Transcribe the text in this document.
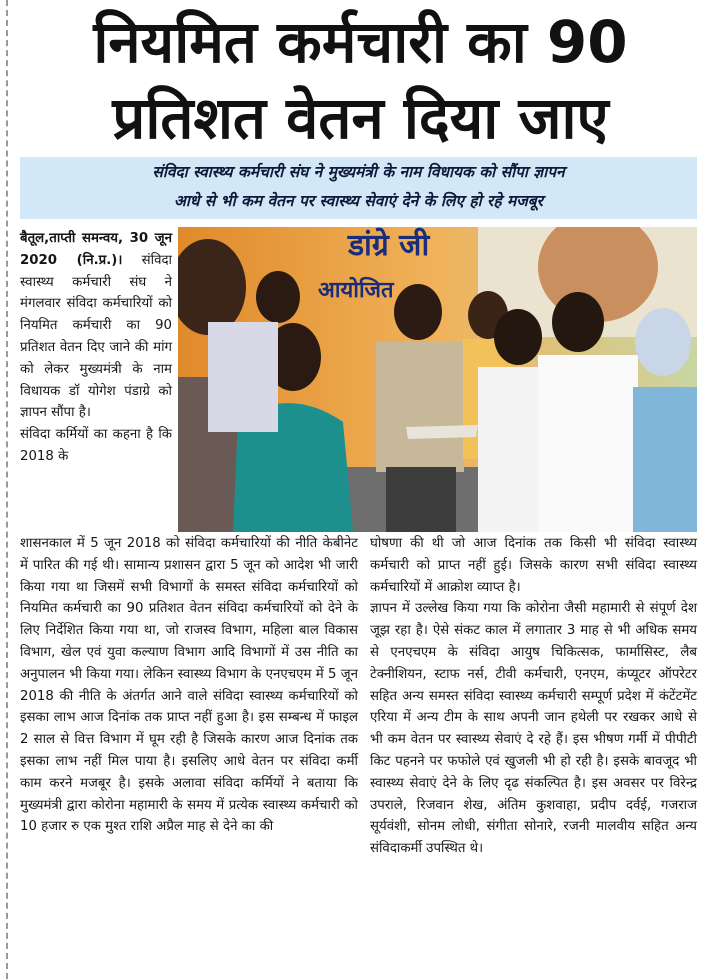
नियमित कर्मचारी का 90
प्रतिशत वेतन दिया जाए
संविदा स्वास्थ्य कर्मचारी संघ ने मुख्यमंत्री के नाम विधायक को सौंपा ज्ञापन
आधे से भी कम वेतन पर स्वास्थ्य सेवाएं देने के लिए हो रहे मजबूर
डांग्रे जी
आयोजित

बैतूल,ताप्ती समन्वय, 30 जून 2020 (नि.प्र.)। संविदा स्वास्थ्य कर्मचारी संघ ने मंगलवार संविदा कर्मचारियों को नियमित कर्मचारी का 90 प्रतिशत वेतन दिए जाने की मांग को लेकर मुख्यमंत्री के नाम विधायक डॉ योगेश पंडाग्रे को ज्ञापन सौंपा है।

संविदा कर्मियों का कहना है कि 2018 के

शासनकाल में 5 जून 2018 को संविदा कर्मचारियों की नीति केबीनेट में पारित की गई थी। सामान्य प्रशासन द्वारा 5 जून को आदेश भी जारी किया गया था जिसमें सभी विभागों के समस्त संविदा कर्मचारियों को नियमित कर्मचारी का 90 प्रतिशत वेतन संविदा कर्मचारियों को देने के लिए निर्देशित किया गया था, जो राजस्व विभाग, महिला बाल विकास विभाग, खेल एवं युवा कल्याण विभाग आदि विभागों में उस नीति का अनुपालन भी किया गया। लेकिन स्वास्थ्य विभाग के एनएचएम में 5 जून 2018 की नीति के अंतर्गत आने वाले संविदा स्वास्थ्य कर्मचारियों को इसका लाभ आज दिनांक तक प्राप्त नहीं हुआ है। इस सम्बन्ध में फाइल 2 साल से वित्त विभाग में घूम रही है जिसके कारण आज दिनांक तक इसका लाभ नहीं मिल पाया है। इसलिए आधे वेतन पर संविदा कर्मी काम करने मजबूर है। इसके अलावा संविदा कर्मियों ने बताया कि मुख्यमंत्री द्वारा कोरोना महामारी के समय में प्रत्येक स्वास्थ्य कर्मचारी को 10 हजार रु एक मुश्त राशि अप्रैल माह से देने का की

घोषणा की थी जो आज दिनांक तक किसी भी संविदा स्वास्थ्य कर्मचारी को प्राप्त नहीं हुई। जिसके कारण सभी संविदा स्वास्थ्य कर्मचारियों में आक्रोश व्याप्त है।

ज्ञापन में उल्लेख किया गया कि कोरोना जैसी महामारी से संपूर्ण देश जूझ रहा है। ऐसे संकट काल में लगातार 3 माह से भी अधिक समय से एनएचएम के संविदा आयुष चिकित्सक, फार्मासिस्ट, लैब टेक्नीशियन, स्टाफ नर्स, टीवी कर्मचारी, एनएम, कंप्यूटर ऑपरेटर सहित अन्य समस्त संविदा स्वास्थ्य कर्मचारी सम्पूर्ण प्रदेश में कंटेंटमेंट एरिया में अन्य टीम के साथ अपनी जान हथेली पर रखकर आधे से भी कम वेतन पर स्वास्थ्य सेवाएं दे रहे हैं। इस भीषण गर्मी में पीपीटी किट पहनने पर फफोले एवं खुजली भी हो रही है। इसके बावजूद भी स्वास्थ्य सेवाएं देने के लिए दृढ संकल्पित है। इस अवसर पर विरेन्द्र उपराले, रिजवान शेख, अंतिम कुशवाहा, प्रदीप दर्वई, गजराज सूर्यवंशी, सोनम लोधी, संगीता सोनारे, रजनी मालवीय सहित अन्य संविदाकर्मी उपस्थित थे।
